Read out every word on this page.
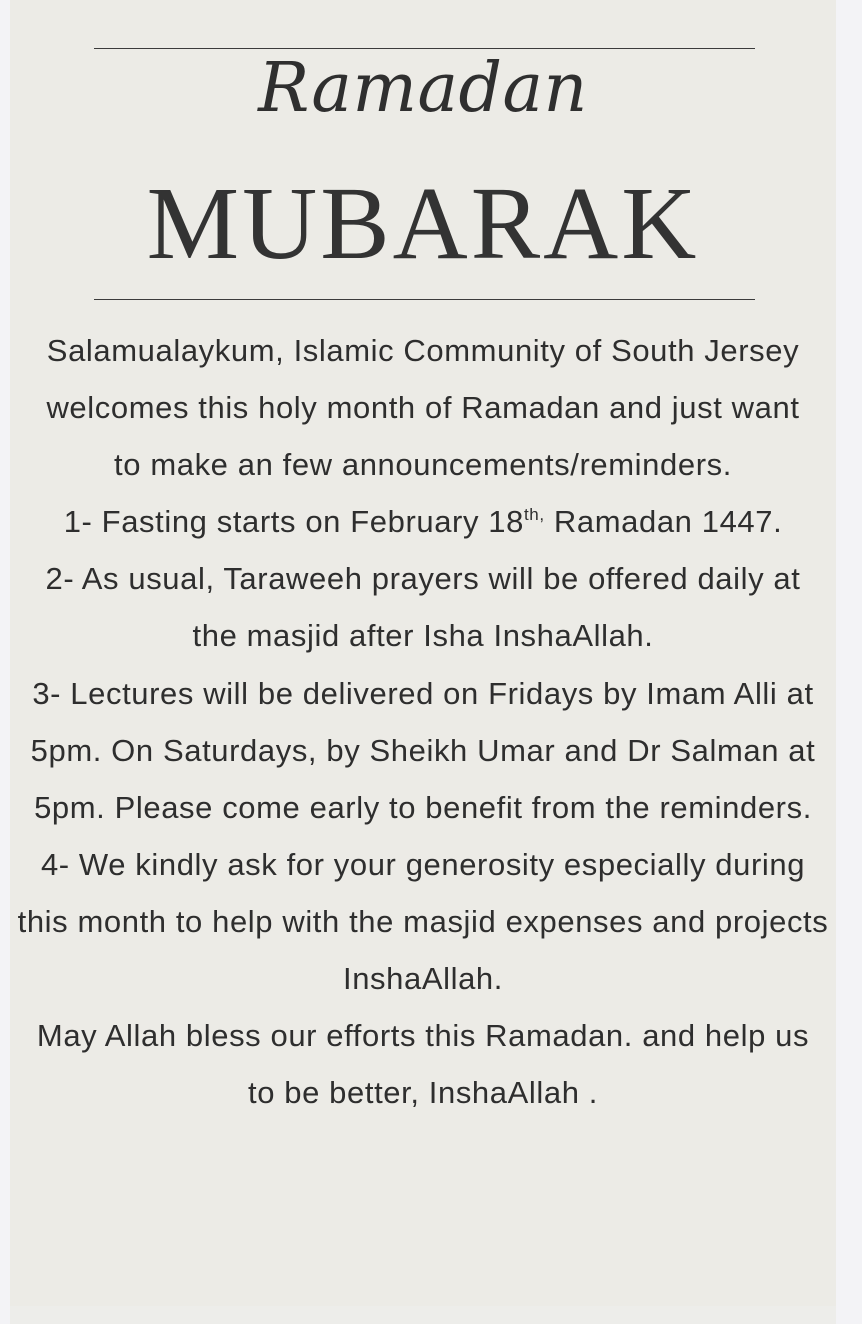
Ramadan
MUBARAK

Salamualaykum, Islamic Community of South Jersey welcomes this holy month of Ramadan and just want to make an few announcements/reminders.

1- Fasting starts on February $18^{th,}$ Ramadan 1447.

2- As usual, Taraweeh prayers will be offered daily at the masjid after Isha InshaAllah.

3- Lectures will be delivered on Fridays by Imam Alli at 5pm. On Saturdays, by Sheikh Umar and Dr Salman at 5pm. Please come early to benefit from the reminders.

4- We kindly ask for your generosity especially during this month to help with the masjid expenses and projects InshaAllah.

May Allah bless our efforts this Ramadan. and help us to be better, InshaAllah .
